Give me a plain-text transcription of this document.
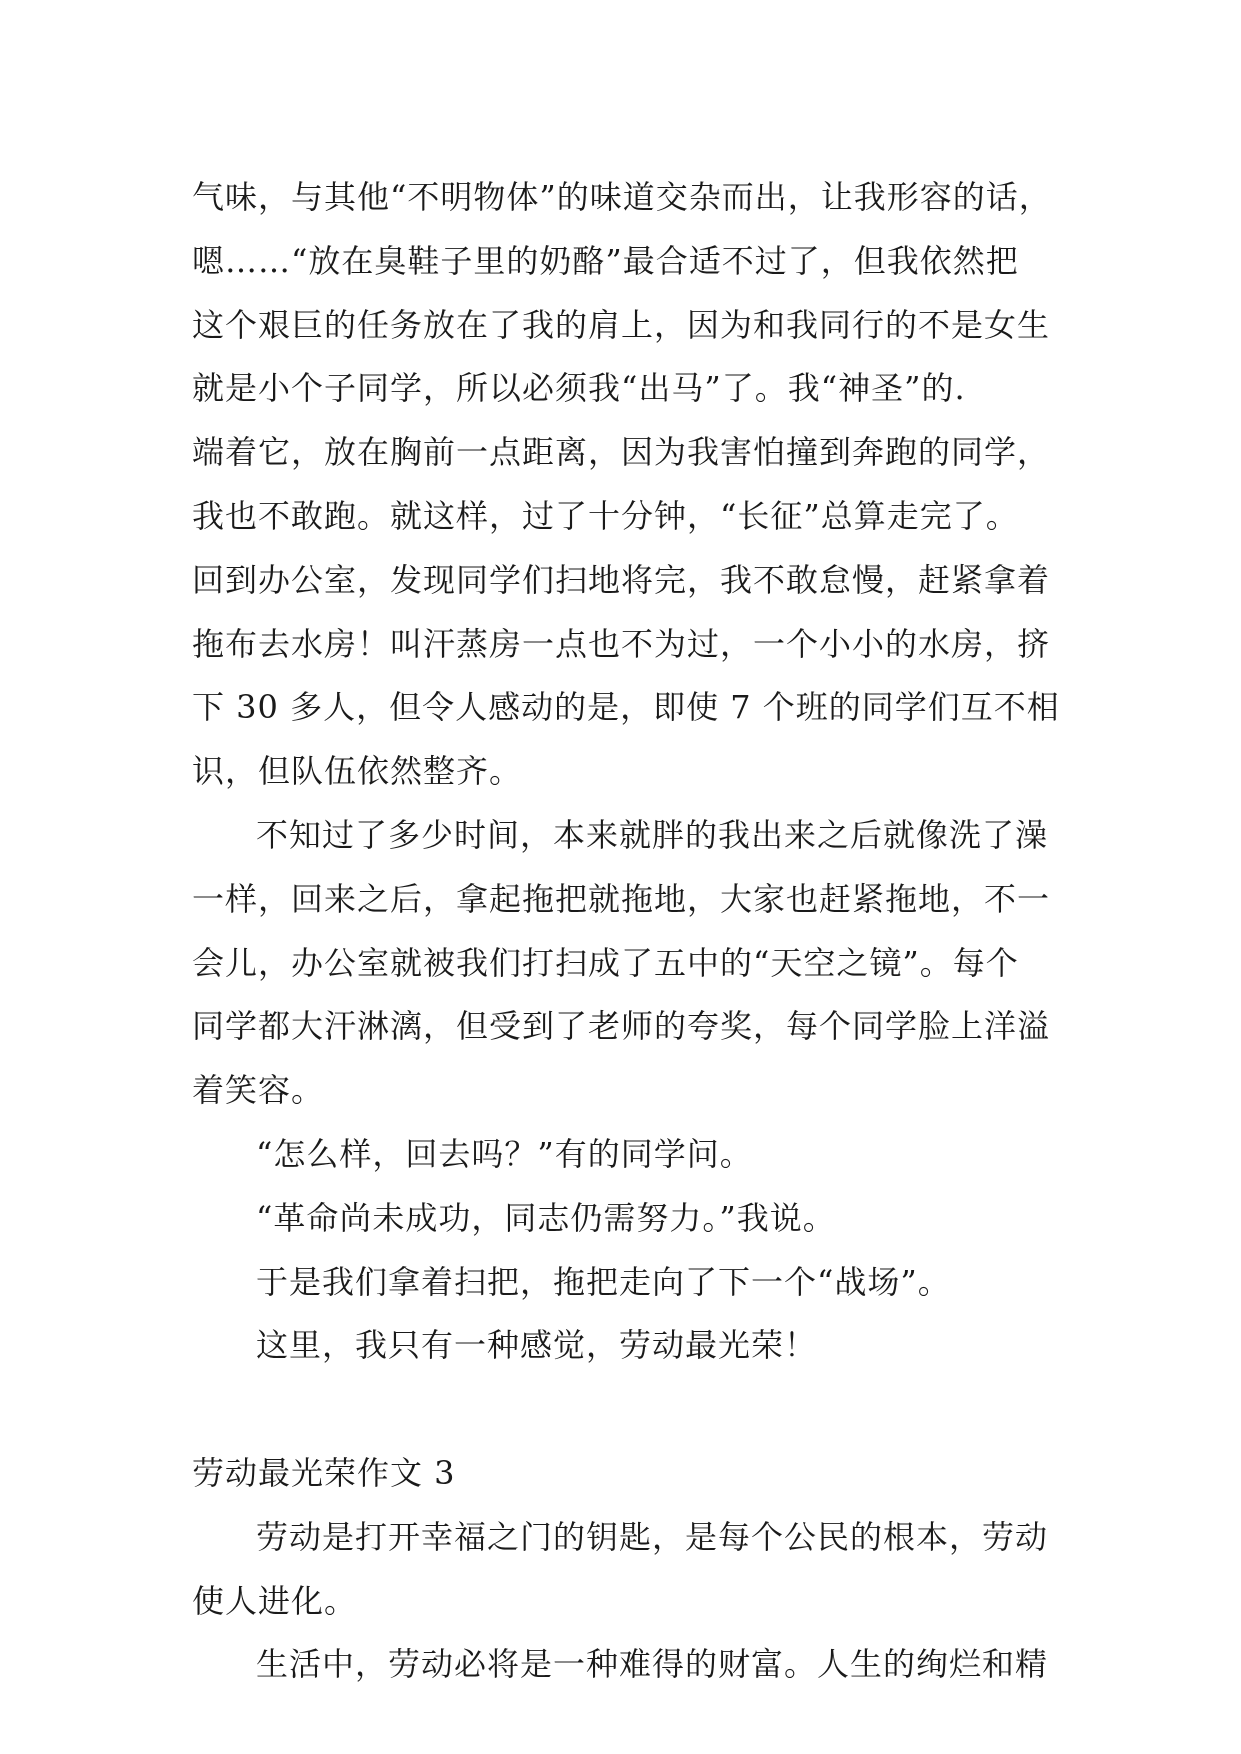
气味，与其他“不明物体”的味道交杂而出，让我形容的话，
嗯……“放在臭鞋子里的奶酪”最合适不过了，但我依然把
这个艰巨的任务放在了我的肩上，因为和我同行的不是女生
就是小个子同学，所以必须我“出马”了。我“神圣”的.
端着它，放在胸前一点距离，因为我害怕撞到奔跑的同学，
我也不敢跑。就这样，过了十分钟，“长征”总算走完了。
回到办公室，发现同学们扫地将完，我不敢怠慢，赶紧拿着
拖布去水房！叫汗蒸房一点也不为过，一个小小的水房，挤
下 30 多人，但令人感动的是，即使 7 个班的同学们互不相
识，但队伍依然整齐。
不知过了多少时间，本来就胖的我出来之后就像洗了澡
一样，回来之后，拿起拖把就拖地，大家也赶紧拖地，不一
会儿，办公室就被我们打扫成了五中的“天空之镜”。每个
同学都大汗淋漓，但受到了老师的夸奖，每个同学脸上洋溢
着笑容。
“怎么样，回去吗？”有的同学问。
“革命尚未成功，同志仍需努力。”我说。
于是我们拿着扫把，拖把走向了下一个“战场”。
这里，我只有一种感觉，劳动最光荣！
劳动最光荣作文 3
劳动是打开幸福之门的钥匙，是每个公民的根本，劳动
使人进化。
生活中，劳动必将是一种难得的财富。人生的绚烂和精
